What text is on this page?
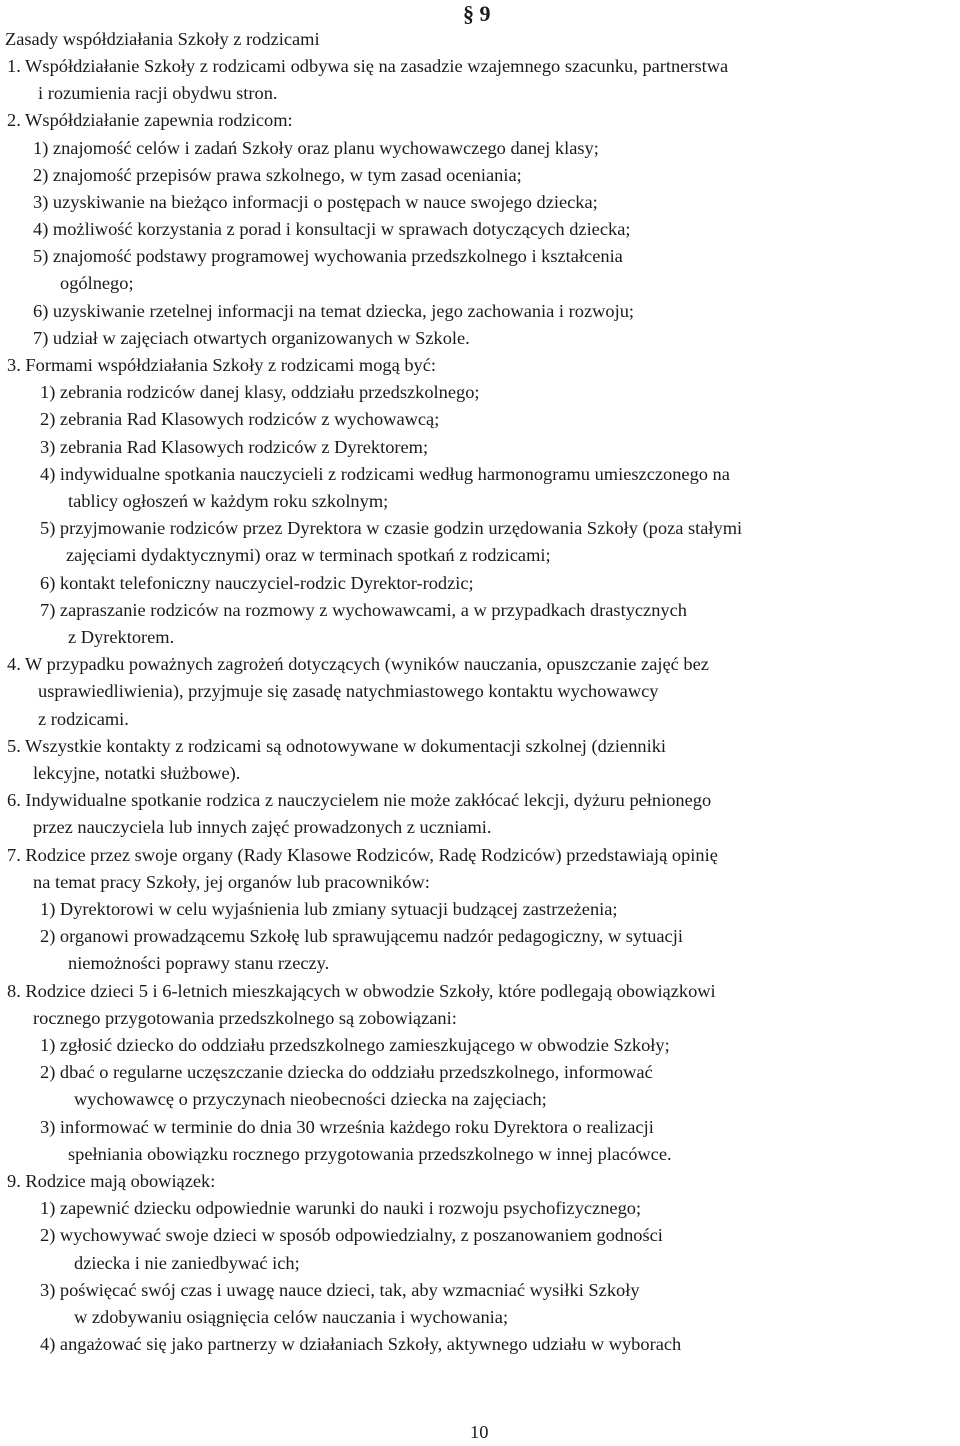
§ 9
Zasady współdziałania Szkoły z rodzicami
1. Współdziałanie Szkoły z rodzicami odbywa się na zasadzie wzajemnego szacunku, partnerstwa
i rozumienia racji obydwu stron.
2. Współdziałanie zapewnia rodzicom:
1) znajomość celów i zadań Szkoły oraz planu wychowawczego danej klasy;
2) znajomość przepisów prawa szkolnego, w tym zasad oceniania;
3) uzyskiwanie na bieżąco informacji o postępach w nauce swojego dziecka;
4) możliwość korzystania z porad i konsultacji w sprawach dotyczących dziecka;
5) znajomość podstawy programowej wychowania przedszkolnego i kształcenia
ogólnego;
6) uzyskiwanie rzetelnej informacji na temat dziecka, jego zachowania i rozwoju;
7) udział w zajęciach otwartych organizowanych w Szkole.
3. Formami współdziałania Szkoły z rodzicami mogą być:
1) zebrania rodziców danej klasy, oddziału przedszkolnego;
2) zebrania Rad Klasowych rodziców z wychowawcą;
3) zebrania Rad Klasowych rodziców z Dyrektorem;
4) indywidualne spotkania nauczycieli z rodzicami według harmonogramu umieszczonego na
tablicy ogłoszeń w każdym roku szkolnym;
5) przyjmowanie rodziców przez Dyrektora w czasie godzin urzędowania Szkoły (poza stałymi
zajęciami dydaktycznymi) oraz w terminach spotkań z rodzicami;
6) kontakt telefoniczny nauczyciel-rodzic Dyrektor-rodzic;
7) zapraszanie rodziców na rozmowy z wychowawcami, a w przypadkach drastycznych
z Dyrektorem.
4. W przypadku poważnych zagrożeń dotyczących (wyników nauczania, opuszczanie zajęć bez
usprawiedliwienia), przyjmuje się zasadę natychmiastowego kontaktu wychowawcy
z rodzicami.
5. Wszystkie kontakty z rodzicami są odnotowywane w dokumentacji szkolnej (dzienniki
lekcyjne, notatki służbowe).
6. Indywidualne spotkanie rodzica z nauczycielem nie może zakłócać lekcji, dyżuru pełnionego
przez nauczyciela lub innych zajęć prowadzonych z uczniami.
7. Rodzice przez swoje organy (Rady Klasowe Rodziców, Radę Rodziców) przedstawiają opinię
na temat pracy Szkoły, jej organów lub pracowników:
1) Dyrektorowi w celu wyjaśnienia lub zmiany sytuacji budzącej zastrzeżenia;
2) organowi prowadzącemu Szkołę lub sprawującemu nadzór pedagogiczny, w sytuacji
niemożności poprawy stanu rzeczy.
8. Rodzice dzieci 5 i 6-letnich mieszkających w obwodzie Szkoły, które podlegają obowiązkowi
rocznego przygotowania przedszkolnego są zobowiązani:
1) zgłosić dziecko do oddziału przedszkolnego zamieszkującego w obwodzie Szkoły;
2) dbać o regularne uczęszczanie dziecka do oddziału przedszkolnego, informować
wychowawcę o przyczynach nieobecności dziecka na zajęciach;
3) informować w terminie do dnia 30 września każdego roku Dyrektora o realizacji
spełniania obowiązku rocznego przygotowania przedszkolnego w innej placówce.
9. Rodzice mają obowiązek:
1) zapewnić dziecku odpowiednie warunki do nauki i rozwoju psychofizycznego;
2) wychowywać swoje dzieci w sposób odpowiedzialny, z poszanowaniem godności
dziecka i nie zaniedbywać ich;
3) poświęcać swój czas i uwagę nauce dzieci, tak, aby wzmacniać wysiłki Szkoły
w zdobywaniu osiągnięcia celów nauczania i wychowania;
4) angażować się jako partnerzy w działaniach Szkoły, aktywnego udziału w wyborach
10
